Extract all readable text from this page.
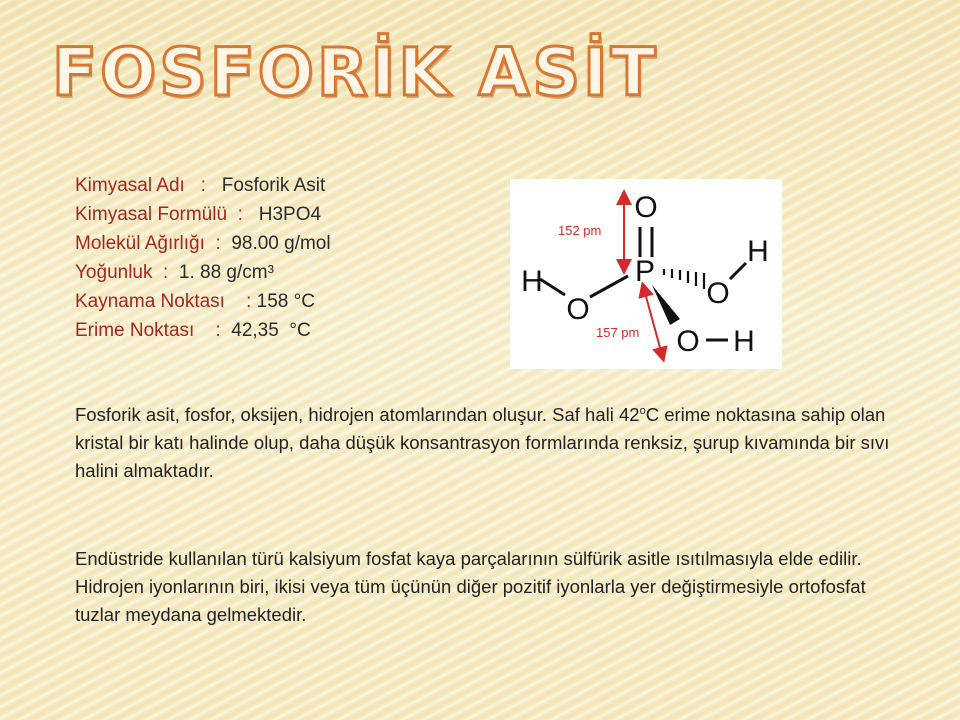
FOSFORİK ASİT
Kimyasal Adı   :   Fosforik Asit
Kimyasal Formülü  :   H3PO4
Molekül Ağırlığı  :  98.00 g/mol
Yoğunluk  :  1. 88 g/cm³
Kaynama Noktası    : 158 °C
Erime Noktası    :  42,35  °C
152 pm
157 pm
O
P
H
O	O
H
O H

Fosforik asit, fosfor, oksijen, hidrojen atomlarından oluşur. Saf hali 42$^o$C erime noktasına sahip olan kristal bir katı halinde olup, daha düşük konsantrasyon formlarında renksiz, şurup kıvamında bir sıvı halini almaktadır.

Endüstride kullanılan türü kalsiyum fosfat kaya parçalarının sülfürik asitle ısıtılmasıyla elde edilir. Hidrojen iyonlarının biri, ikisi veya tüm üçünün diğer pozitif iyonlarla yer değiştirmesiyle ortofosfat tuzlar meydana gelmektedir.
